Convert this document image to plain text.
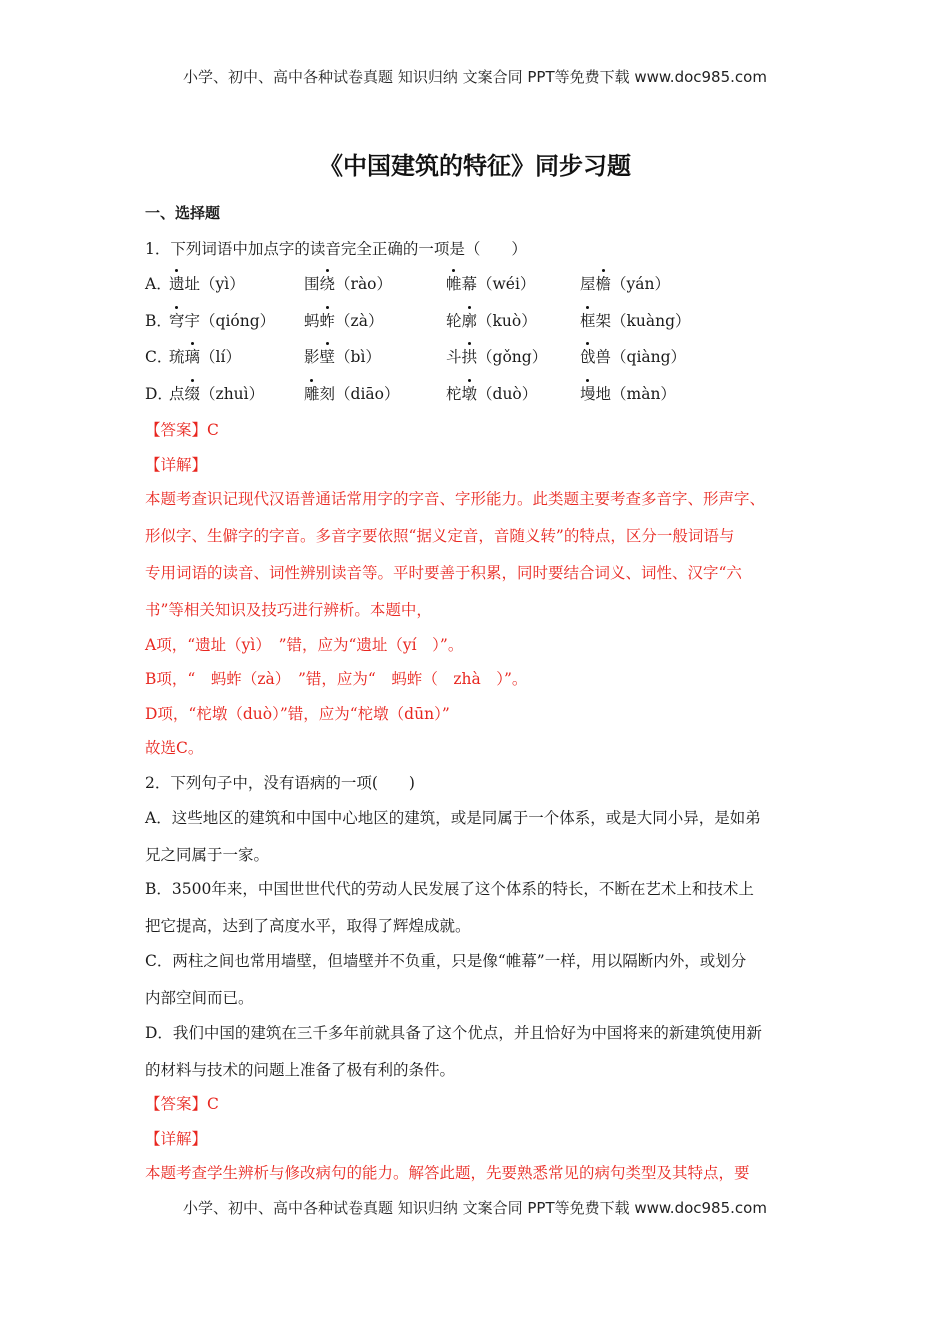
小学、初中、高中各种试卷真题 知识归纳 文案合同 PPT等免费下载 www.doc985.com
《中国建筑的特征》同步习题
一、选择题
1．下列词语中加点字的读音完全正确的一项是（　　）
A．
遗址（yì）	围绕（rào）	帷幕（wéi）	屋檐（yán）
B．
穹宇（qióng） 蚂蚱（zà）	轮廓（kuò）	框架（kuàng）
C．
琉璃（lí）	影壁（bì）	斗拱（gǒng） 戗兽（qiàng）
D．
点缀（zhuì）	雕刻（diāo）	柁墩（duò）	墁地（màn）
【答案】C
【详解】
本题考查识记现代汉语普通话常用字的字音、字形能力。此类题主要考查多音字、形声字、
形似字、生僻字的字音。多音字要依照“据义定音，音随义转”的特点，区分一般词语与
专用词语的读音、词性辨别读音等。平时要善于积累，同时要结合词义、词性、汉字“六
书”等相关知识及技巧进行辨析。本题中，
A项，“遗址（yì）　”错，应为“遗址（yí　）”。
B项，“　蚂蚱（zà）　”错，应为“　蚂蚱（　zhà　）”。
D项，“柁墩（duò）”错，应为“柁墩（dūn）”
故选C。
2．下列句子中，没有语病的一项(　　)
A．这些地区的建筑和中国中心地区的建筑，或是同属于一个体系，或是大同小异，是如弟
兄之同属于一家。
B．3500年来，中国世世代代的劳动人民发展了这个体系的特长，不断在艺术上和技术上
把它提高，达到了高度水平，取得了辉煌成就。
C．两柱之间也常用墙壁，但墙壁并不负重，只是像“帷幕”一样，用以隔断内外，或划分
内部空间而已。
D．我们中国的建筑在三千多年前就具备了这个优点，并且恰好为中国将来的新建筑使用新
的材料与技术的问题上准备了极有利的条件。
【答案】C
【详解】
本题考查学生辨析与修改病句的能力。解答此题，先要熟悉常见的病句类型及其特点，要
小学、初中、高中各种试卷真题 知识归纳 文案合同 PPT等免费下载 www.doc985.com
